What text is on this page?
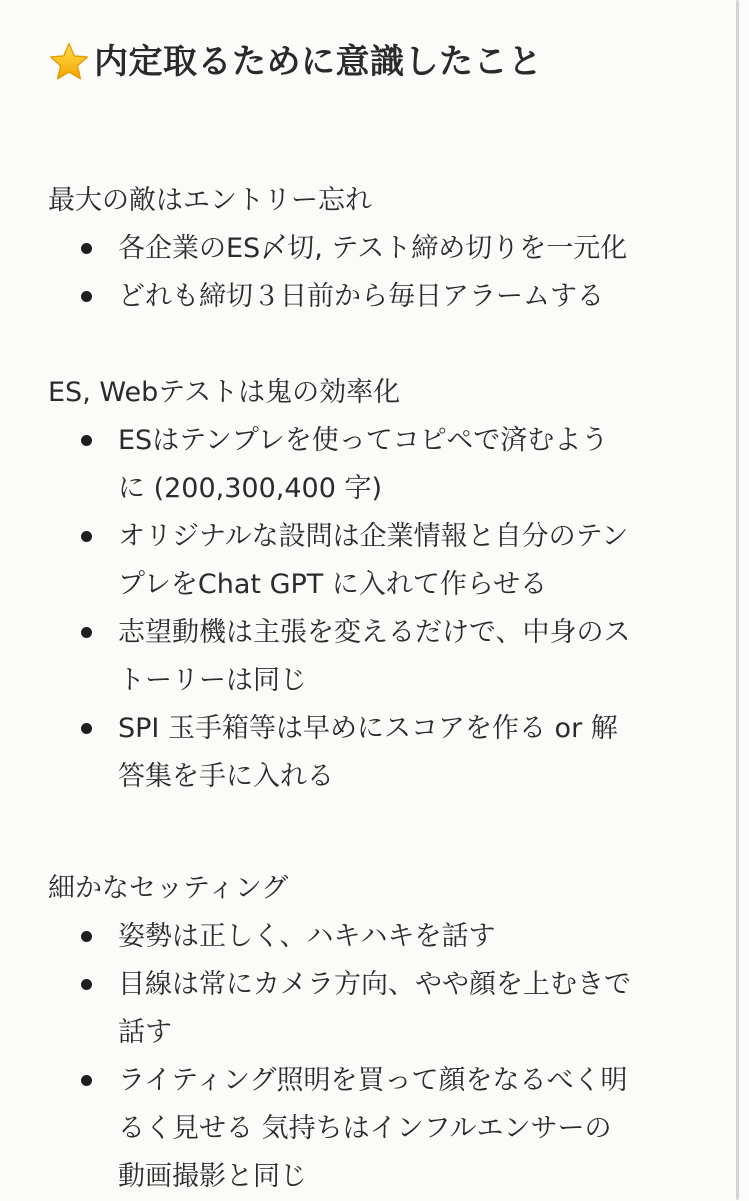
内定取るために意識したこと
最大の敵はエントリー忘れ
各企業のES〆切, テスト締め切りを一元化
どれも締切３日前から毎日アラームする
ES, Webテストは鬼の効率化
ESはテンプレを使ってコピペで済むよう
に (200,300,400 字)
オリジナルな設問は企業情報と自分のテン
プレをChat GPT に入れて作らせる
志望動機は主張を変えるだけで、中身のス
トーリーは同じ
SPI 玉手箱等は早めにスコアを作る or 解
答集を手に入れる
細かなセッティング
姿勢は正しく、ハキハキを話す
目線は常にカメラ方向、やや顔を上むきで
話す
ライティング照明を買って顔をなるべく明
るく見せる 気持ちはインフルエンサーの
動画撮影と同じ
